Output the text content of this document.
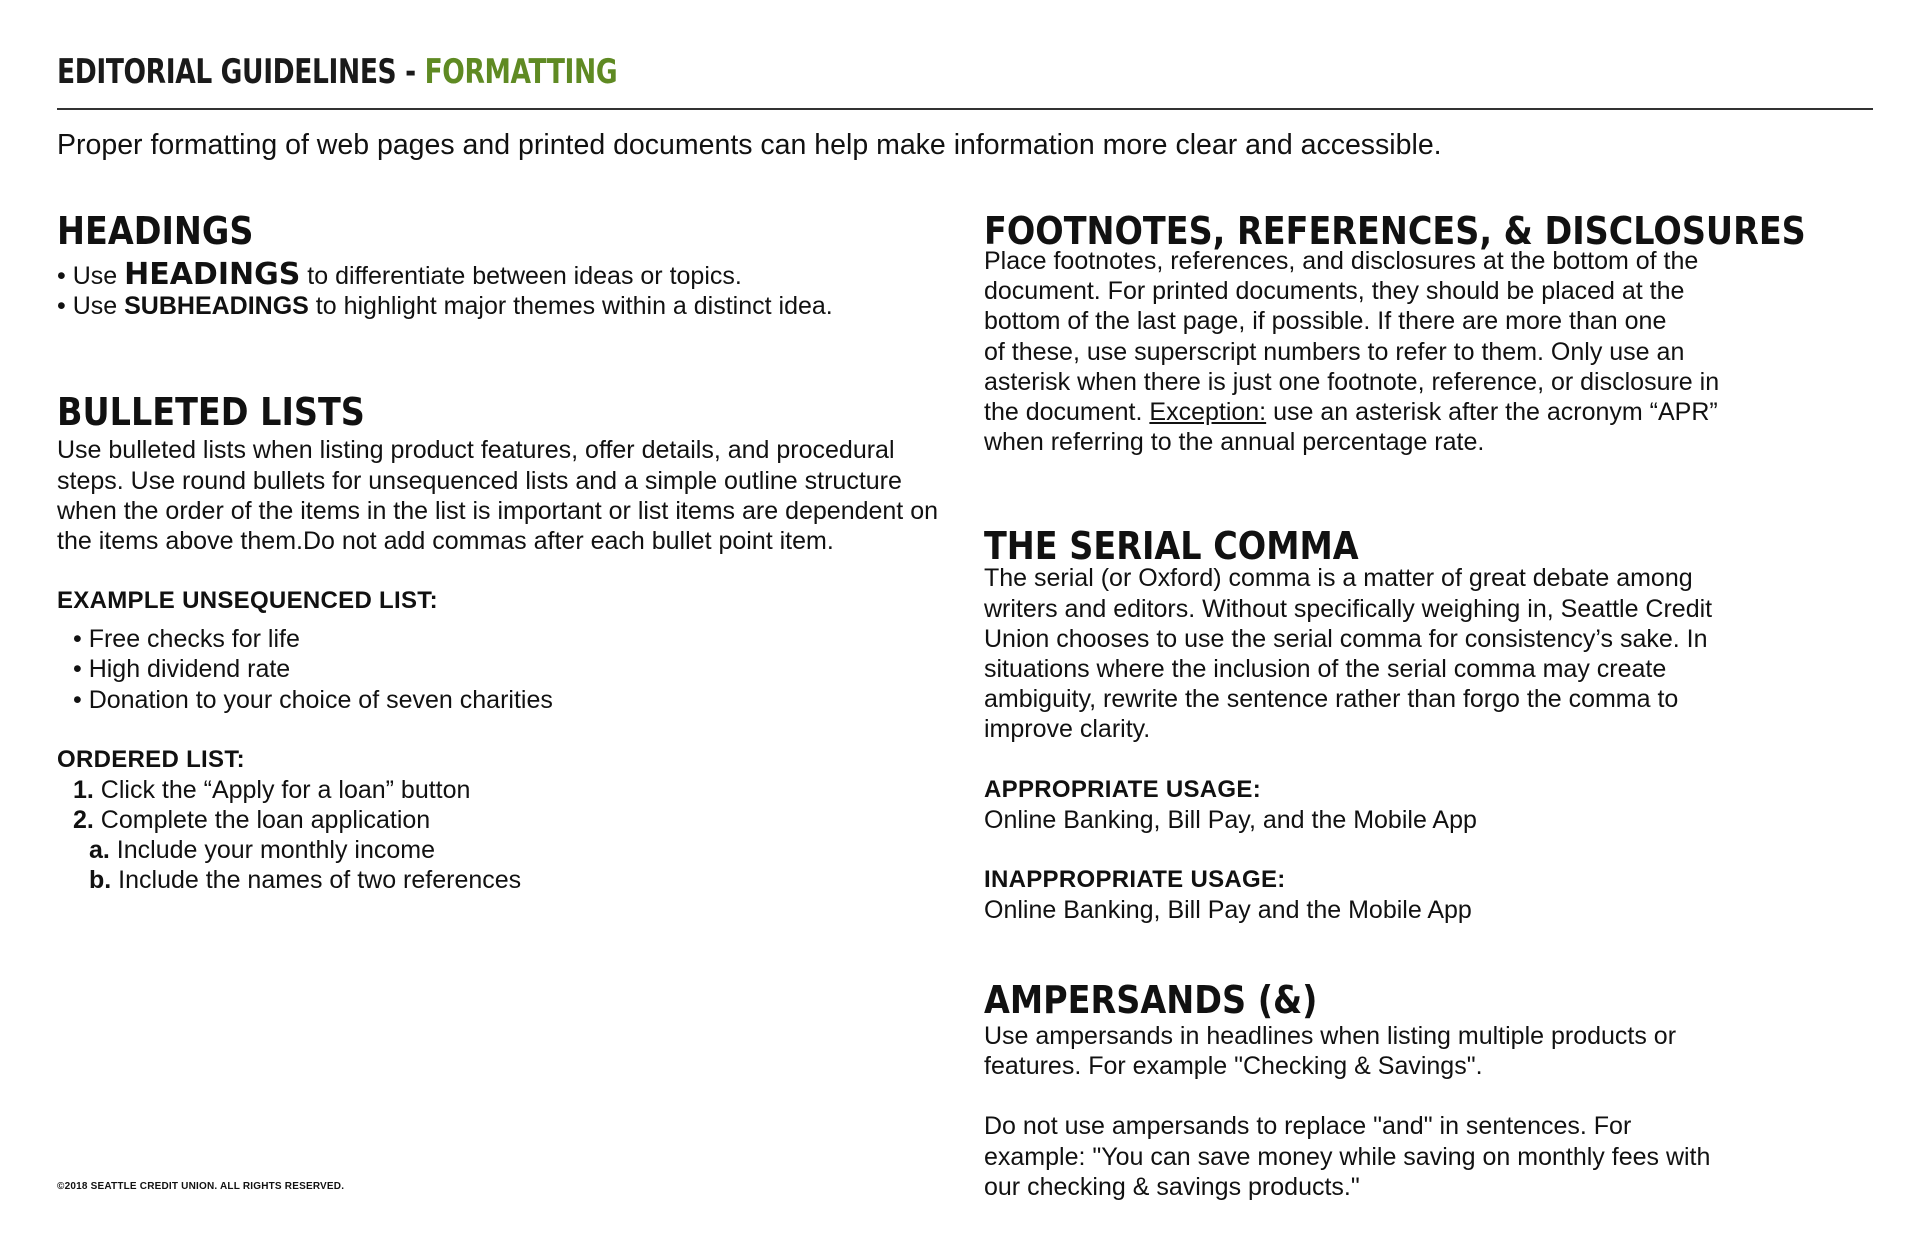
EDITORIAL GUIDELINES - FORMATTING

Proper formatting of web pages and printed documents can help make information more clear and accessible.

HEADINGS
• Use HEADINGS to differentiate between ideas or topics.
• Use SUBHEADINGS to highlight major themes within a distinct idea.
BULLETED LISTS

Use bulleted lists when listing product features, offer details, and procedural steps. Use round bullets for unsequenced lists and a simple outline structure when the order of the items in the list is important or list items are dependent on the items above them.Do not add commas after each bullet point item.

EXAMPLE UNSEQUENCED LIST:
• Free checks for life
• High dividend rate
• Donation to your choice of seven charities
ORDERED LIST:
1. Click the “Apply for a loan” button
2. Complete the loan application
a. Include your monthly income
b. Include the names of two references
FOOTNOTES, REFERENCES, & DISCLOSURES
Place footnotes, references, and disclosures at the bottom of the
document. For printed documents, they should be placed at the
bottom of the last page, if possible. If there are more than one
of these, use superscript numbers to refer to them. Only use an
asterisk when there is just one footnote, reference, or disclosure in
the document. Exception: use an asterisk after the acronym “APR”
when referring to the annual percentage rate.
THE SERIAL COMMA
The serial (or Oxford) comma is a matter of great debate among
writers and editors. Without specifically weighing in, Seattle Credit
Union chooses to use the serial comma for consistency’s sake. In
situations where the inclusion of the serial comma may create
ambiguity, rewrite the sentence rather than forgo the comma to
improve clarity.
APPROPRIATE USAGE:
Online Banking, Bill Pay, and the Mobile App
INAPPROPRIATE USAGE:
Online Banking, Bill Pay and the Mobile App
AMPERSANDS (&)
Use ampersands in headlines when listing multiple products or
features. For example "Checking & Savings".
Do not use ampersands to replace "and" in sentences. For
example: "You can save money while saving on monthly fees with
our checking & savings products."
©2018 SEATTLE CREDIT UNION. ALL RIGHTS RESERVED.
